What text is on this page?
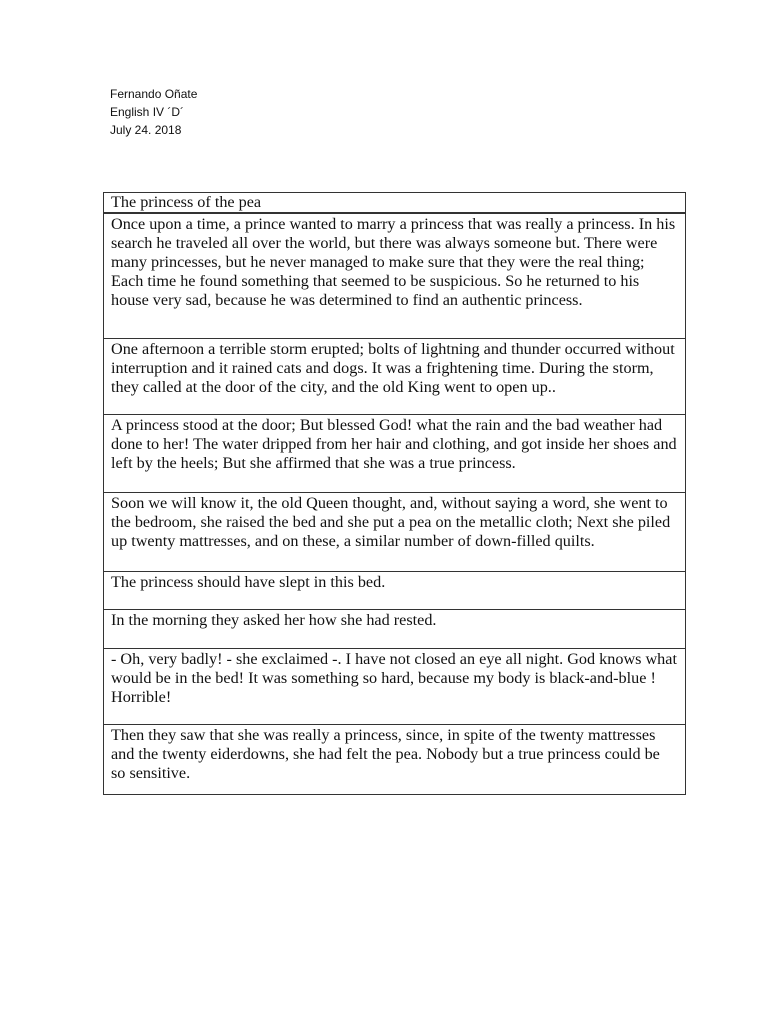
Fernando Oñate
English IV ´D´
July 24. 2018
The princess of the pea
Once upon a time, a prince wanted to marry a princess that was really a princess. In his search he traveled all over the world, but there was always someone but. There were many princesses, but he never managed to make sure that they were the real thing; Each time he found something that seemed to be suspicious. So he returned to his house very sad, because he was determined to find an authentic princess.
One afternoon a terrible storm erupted; bolts of lightning and thunder occurred without interruption and it rained cats and dogs. It was a frightening time. During the storm, they called at the door of the city, and the old King went to open up..
A princess stood at the door; But blessed God! what the rain and the bad weather had done to her! The water dripped from her hair and clothing, and got inside her shoes and left by the heels; But she affirmed that she was a true princess.
Soon we will know it, the old Queen thought, and, without saying a word, she went to the bedroom, she raised the bed and she put a pea on the metallic cloth; Next she piled up twenty mattresses, and on these, a similar number of down-filled quilts.
The princess should have slept in this bed.
In the morning they asked her how she had rested.
- Oh, very badly! - she exclaimed -. I have not closed an eye all night. God knows what would be in the bed! It was something so hard, because my body is black-and-blue ! Horrible!
Then they saw that she was really a princess, since, in spite of the twenty mattresses and the twenty eiderdowns, she had felt the pea. Nobody but a true princess could be so sensitive.
